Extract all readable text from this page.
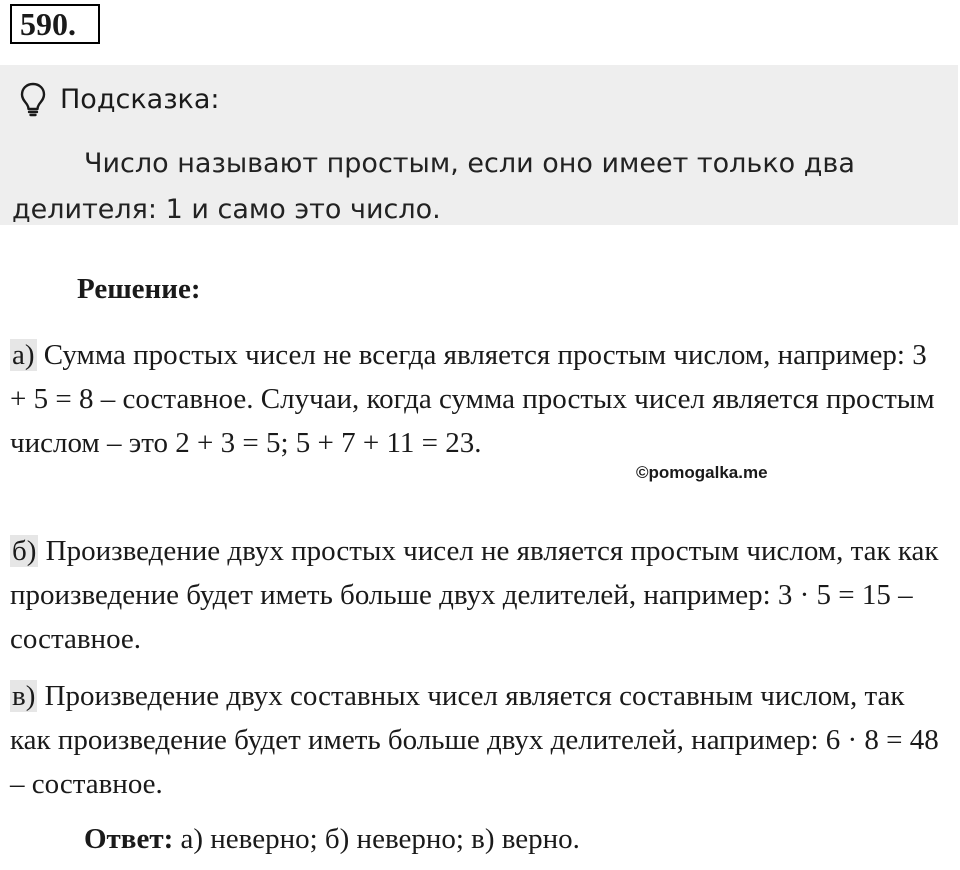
590.
Подсказка:

Число называют простым, если оно имеет только два делителя: 1 и само это число.

Решение:

а) Сумма простых чисел не всегда является простым числом, например: 3 + 5 = 8 – составное. Случаи, когда сумма простых чисел является простым числом – это 2 + 3 = 5; 5 + 7 + 11 = 23.

©pomogalka.me

б) Произведение двух простых чисел не является простым числом, так как произведение будет иметь больше двух делителей, например: 3 · 5 = 15 – составное.

в) Произведение двух составных чисел является составным числом, так как произведение будет иметь больше двух делителей, например: 6 · 8 = 48 – составное.

Ответ: а) неверно; б) неверно; в) верно.
